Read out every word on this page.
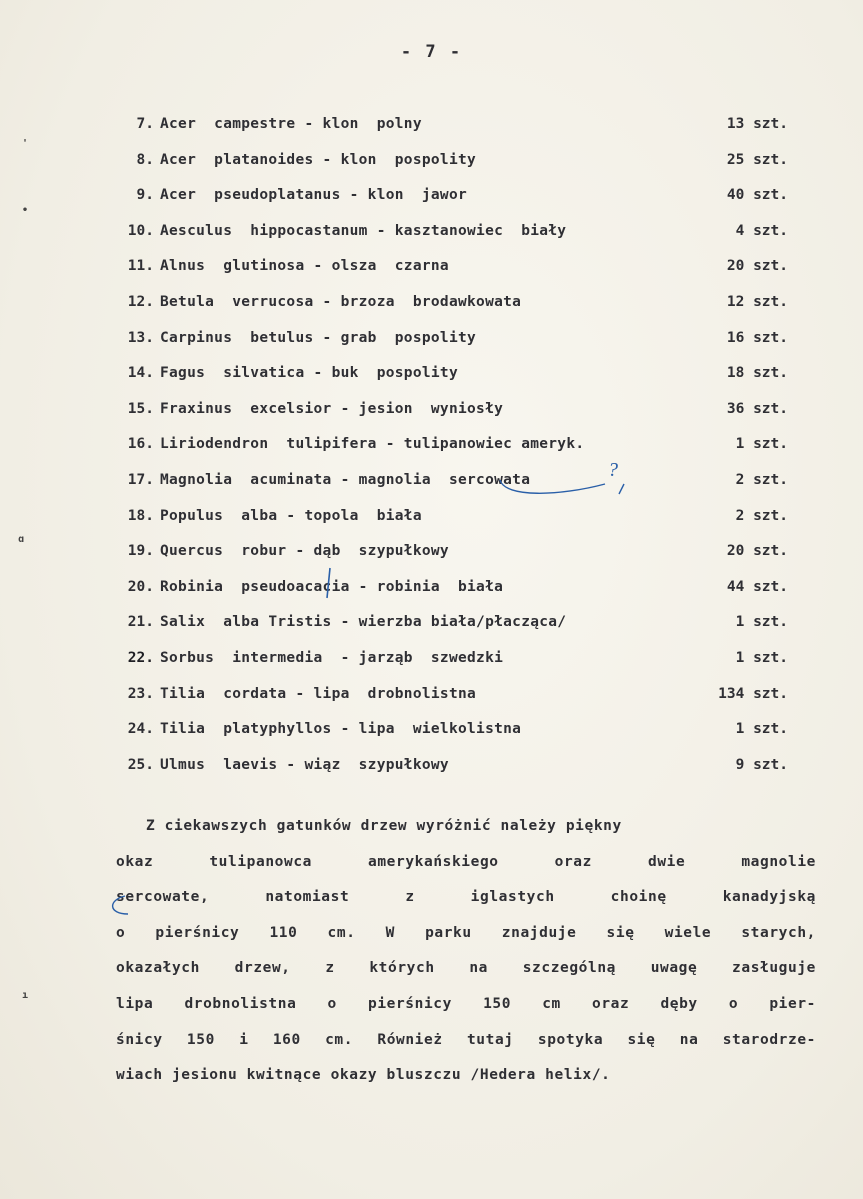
- 7 -
7. Acer  campestre - klon  polny	13 szt.
8. Acer  platanoides - klon  pospolity	25 szt.
9. Acer  pseudoplatanus - klon  jawor	40 szt.
10. Aesculus  hippocastanum - kasztanowiec  biały	4 szt.
11. Alnus  glutinosa - olsza  czarna	20 szt.
12. Betula  verrucosa - brzoza  brodawkowata	12 szt.
13. Carpinus  betulus - grab  pospolity	16 szt.
14. Fagus  silvatica - buk  pospolity	18 szt.
15. Fraxinus  excelsior - jesion  wyniosły	36 szt.
16. Liriodendron  tulipifera - tulipanowiec ameryk.	1 szt.
17. Magnolia  acuminata - magnolia  sercowata	2 szt.
18. Populus  alba - topola  biała	2 szt.
19. Quercus  robur - dąb  szypułkowy	20 szt.
20. Robinia  pseudoacacia - robinia  biała	44 szt.
21. Salix  alba Tristis - wierzba biała/płacząca/	1 szt.
22. Sorbus  intermedia  - jarząb  szwedzki	1 szt.
23. Tilia  cordata - lipa  drobnolistna	134 szt.
24. Tilia  platyphyllos - lipa  wielkolistna	1 szt.
25. Ulmus  laevis - wiąz  szypułkowy	9 szt.
Z ciekawszych gatunków drzew wyróżnić należy piękny
okaz tulipanowca amerykańskiego oraz dwie magnolie
sercowate, natomiast z iglastych choinę kanadyjską
o pierśnicy 110 cm. W parku znajduje się wiele starych,
okazałych drzew, z których na szczególną uwagę zasługuje
lipa drobnolistna o pierśnicy 150 cm oraz dęby o pier-
śnicy 150 i 160 cm. Również tutaj spotyka się na starodrze-
wiach jesionu kwitnące okazy bluszczu /Hedera helix/.
'
•
ɑ
ı
?
